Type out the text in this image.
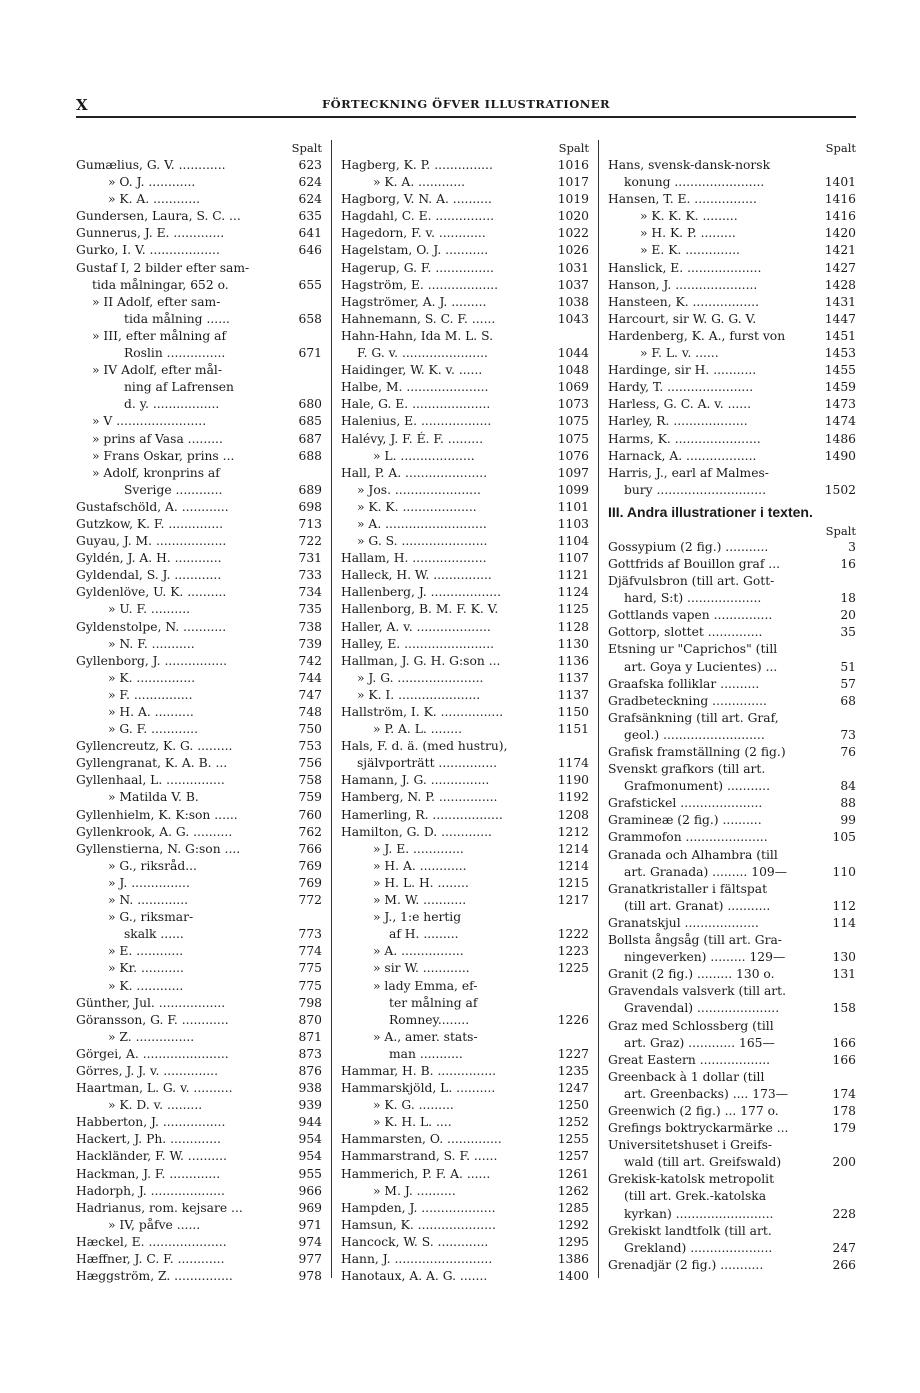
X	FÖRTECKNING ÖFVER ILLUSTRATIONER
Spalt
Gumælius, G. V. ............	623
» O. J. ............	624
» K. A. ............	624
Gundersen, Laura, S. C. ...	635
Gunnerus, J. E. .............	641
Gurko, I. V. ..................	646
Gustaf I, 2 bilder efter sam-
tida målningar, 652 o.	655
» II Adolf, efter sam-
tida målning ......	658
» III, efter målning af
Roslin ...............	671
» IV Adolf, efter mål-
ning af Lafrensen
d. y. .................	680
» V .......................	685
» prins af Vasa .........	687
» Frans Oskar, prins ...	688
» Adolf, kronprins af
Sverige ............	689
Gustafschöld, A. ............	698
Gutzkow, K. F. ..............	713
Guyau, J. M. ..................	722
Gyldén, J. A. H. ............	731
Gyldendal, S. J. ............	733
Gyldenlöve, U. K. ..........	734
» U. F. ..........	735
Gyldenstolpe, N. ...........	738
» N. F. ...........	739
Gyllenborg, J. ................	742
» K. ...............	744
» F. ...............	747
» H. A. ..........	748
» G. F. ............	750
Gyllencreutz, K. G. .........	753
Gyllengranat, K. A. B. ...	756
Gyllenhaal, L. ...............	758
» Matilda V. B.	759
Gyllenhielm, K. K:son ......	760
Gyllenkrook, A. G. ..........	762
Gyllenstierna, N. G:son ....	766
» G., riksråd...	769
» J. ...............	769
» N. .............	772
» G., riksmar-
skalk ......	773
» E. ............	774
» Kr. ...........	775
» K. ............	775
Günther, Jul. .................	798
Göransson, G. F. ............	870
» Z. ...............	871
Görgei, A. ......................	873
Görres, J. J. v. ..............	876
Haartman, L. G. v. ..........	938
» K. D. v. .........	939
Habberton, J. ................	944
Hackert, J. Ph. .............	954
Hackländer, F. W. ..........	954
Hackman, J. F. .............	955
Hadorph, J. ...................	966
Hadrianus, rom. kejsare ...	969
» IV, påfve ......	971
Hæckel, E. ....................	974
Hæffner, J. C. F. ............	977
Hæggström, Z. ...............	978
Spalt
Hagberg, K. P. ...............	1016
» K. A. ............	1017
Hagborg, V. N. A. ..........	1019
Hagdahl, C. E. ...............	1020
Hagedorn, F. v. ............	1022
Hagelstam, O. J. ...........	1026
Hagerup, G. F. ...............	1031
Hagström, E. ..................	1037
Hagströmer, A. J. .........	1038
Hahnemann, S. C. F. ......	1043
Hahn-Hahn, Ida M. L. S.
F. G. v. ......................	1044
Haidinger, W. K. v. ......	1048
Halbe, M. .....................	1069
Hale, G. E. ....................	1073
Halenius, E. ..................	1075
Halévy, J. F. É. F. .........	1075
» L. ...................	1076
Hall, P. A. .....................	1097
» Jos. ......................	1099
» K. K. ...................	1101
» A. ..........................	1103
» G. S. ......................	1104
Hallam, H. ...................	1107
Halleck, H. W. ...............	1121
Hallenberg, J. ..................	1124
Hallenborg, B. M. F. K. V.	1125
Haller, A. v. ...................	1128
Halley, E. .......................	1130
Hallman, J. G. H. G:son ...	1136
» J. G. ......................	1137
» K. I. .....................	1137
Hallström, I. K. ................	1150
» P. A. L. ........	1151
Hals, F. d. ä. (med hustru),
självporträtt ...............	1174
Hamann, J. G. ...............	1190
Hamberg, N. P. ...............	1192
Hamerling, R. ..................	1208
Hamilton, G. D. .............	1212
» J. E. .............	1214
» H. A. ............	1214
» H. L. H. ........	1215
» M. W. ...........	1217
» J., 1:e hertig
af H. .........	1222
» A. ................	1223
» sir W. ............	1225
» lady Emma, ef-
ter målning af
Romney........	1226
» A., amer. stats-
man ...........	1227
Hammar, H. B. ...............	1235
Hammarskjöld, L. ..........	1247
» K. G. .........	1250
» K. H. L. ....	1252
Hammarsten, O. ..............	1255
Hammarstrand, S. F. ......	1257
Hammerich, P. F. A. ......	1261
» M. J. ..........	1262
Hampden, J. ...................	1285
Hamsun, K. ....................	1292
Hancock, W. S. .............	1295
Hann, J. .........................	1386
Hanotaux, A. A. G. .......	1400
Spalt
Hans, svensk-dansk-norsk
konung .......................	1401
Hansen, T. E. ................	1416
» K. K. K. .........	1416
» H. K. P. .........	1420
» E. K. ..............	1421
Hanslick, E. ...................	1427
Hanson, J. .....................	1428
Hansteen, K. .................	1431
Harcourt, sir W. G. G. V.	1447
Hardenberg, K. A., furst von	1451
» F. L. v. ......	1453
Hardinge, sir H. ...........	1455
Hardy, T. ......................	1459
Harless, G. C. A. v. ......	1473
Harley, R. ...................	1474
Harms, K. ......................	1486
Harnack, A. ..................	1490
Harris, J., earl af Malmes-
bury ............................	1502
III. Andra illustrationer i texten.
Spalt
Gossypium (2 fig.) ...........	3
Gottfrids af Bouillon graf ...	16
Djäfvulsbron (till art. Gott-
hard, S:t) ...................	18
Gottlands vapen ...............	20
Gottorp, slottet ..............	35
Etsning ur "Caprichos" (till
art. Goya y Lucientes) ...	51
Graafska folliklar ..........	57
Gradbeteckning ..............	68
Grafsänkning (till art. Graf,
geol.) ..........................	73
Grafisk framställning (2 fig.)	76
Svenskt grafkors (till art.
Grafmonument) ...........	84
Grafstickel .....................	88
Gramineæ (2 fig.) ..........	99
Grammofon .....................	105
Granada och Alhambra (till
art. Granada) ......... 109—	110
Granatkristaller i fältspat
(till art. Granat) ...........	112
Granatskjul ...................	114
Bollsta ångsåg (till art. Gra-
ningeverken) ......... 129—	130
Granit (2 fig.) ......... 130 o.	131
Gravendals valsverk (till art.
Gravendal) .....................	158
Graz med Schlossberg (till
art. Graz) ............ 165—	166
Great Eastern ..................	166
Greenback à 1 dollar (till
art. Greenbacks) .... 173—	174
Greenwich (2 fig.) ... 177 o.	178
Grefings boktryckarmärke ...	179
Universitetshuset i Greifs-
wald (till art. Greifswald)	200
Grekisk-katolsk metropolit
(till art. Grek.-katolska
kyrkan) .........................	228
Grekiskt landtfolk (till art.
Grekland) .....................	247
Grenadjär (2 fig.) ...........	266
